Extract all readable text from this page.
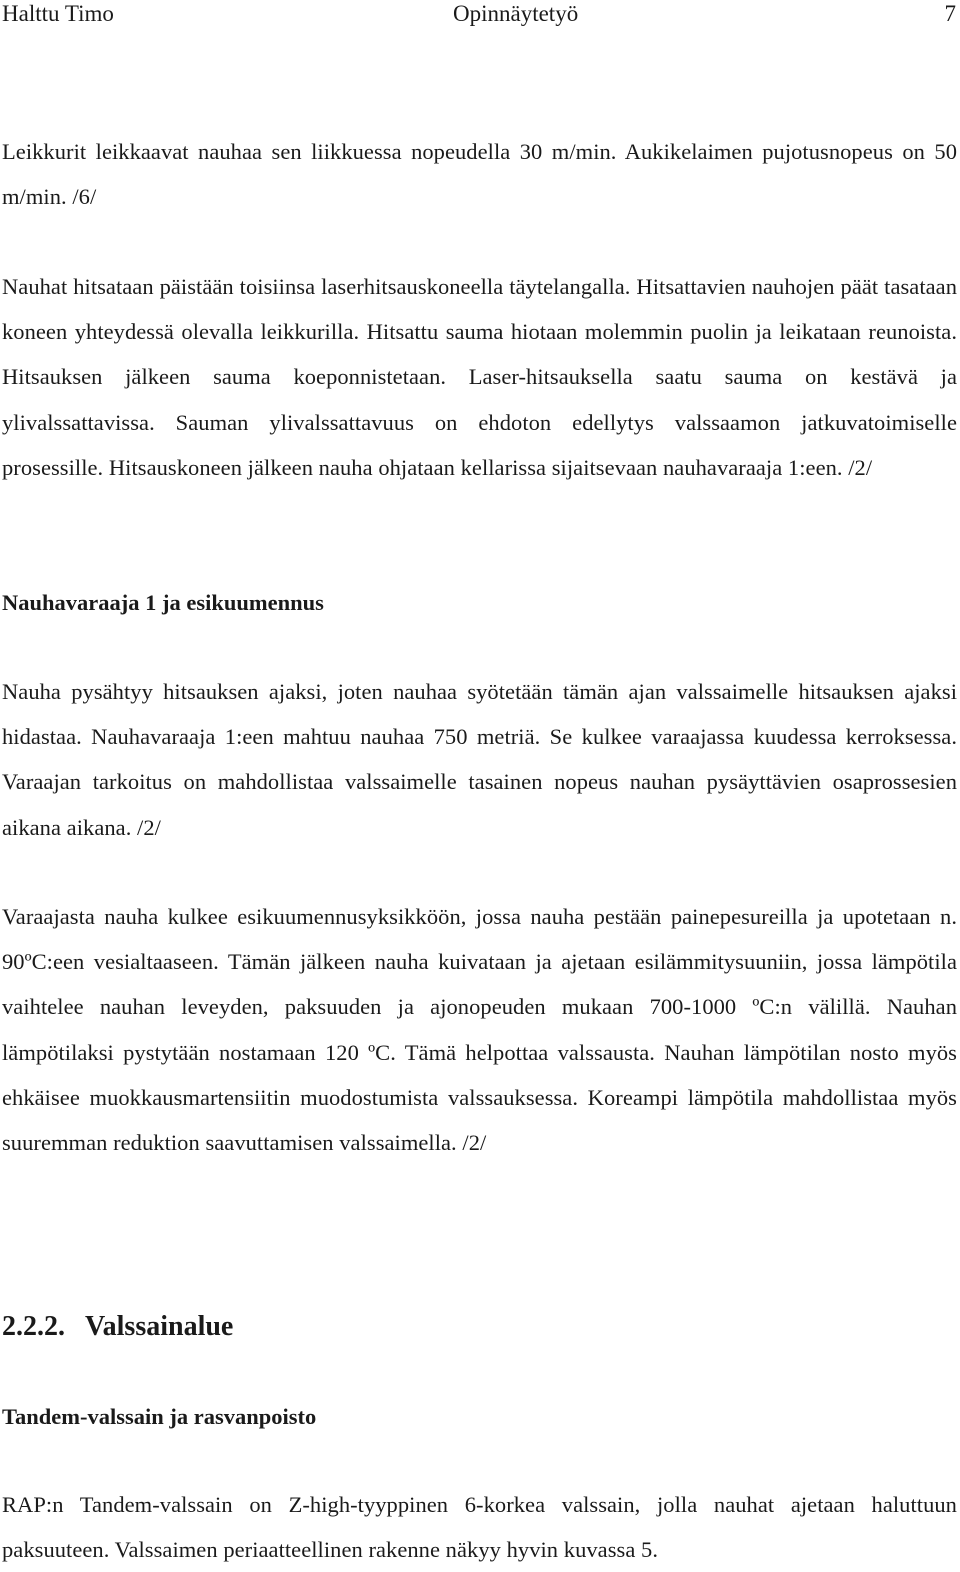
Halttu Timo	Opinnäytetyö	7

Leikkurit leikkaavat nauhaa sen liikkuessa nopeudella 30 m/min. Aukikelaimen pujotusnopeus on 50 m/min. /6/

Nauhat hitsataan päistään toisiinsa laserhitsauskoneella täytelangalla. Hitsattavien nauhojen päät tasataan koneen yhteydessä olevalla leikkurilla. Hitsattu sauma hiotaan molemmin puolin ja leikataan reunoista. Hitsauksen jälkeen sauma koeponnistetaan. Laser-hitsauksella saatu sauma on kestävä ja ylivalssattavissa. Sauman ylivalssattavuus on ehdoton edellytys valssaamon jatkuvatoimiselle prosessille. Hitsauskoneen jälkeen nauha ohjataan kellarissa sijaitsevaan nauhavaraaja 1:een. /2/

Nauhavaraaja 1 ja esikuumennus

Nauha pysähtyy hitsauksen ajaksi, joten nauhaa syötetään tämän ajan valssaimelle hitsauksen ajaksi hidastaa. Nauhavaraaja 1:een mahtuu nauhaa 750 metriä. Se kulkee varaajassa kuudessa kerroksessa. Varaajan tarkoitus on mahdollistaa valssaimelle tasainen nopeus nauhan pysäyttävien osaprossesien aikana aikana. /2/

Varaajasta nauha kulkee esikuumennusyksikköön, jossa nauha pestään painepesureilla ja upotetaan n. 90ºC:een vesialtaaseen. Tämän jälkeen nauha kuivataan ja ajetaan esilämmitysuuniin, jossa lämpötila vaihtelee nauhan leveyden, paksuuden ja ajonopeuden mukaan 700-1000 ºC:n välillä. Nauhan lämpötilaksi pystytään nostamaan 120 ºC. Tämä helpottaa valssausta. Nauhan lämpötilan nosto myös ehkäisee muokkausmartensiitin muodostumista valssauksessa. Koreampi lämpötila mahdollistaa myös suuremman reduktion saavuttamisen valssaimella. /2/

2.2.2. Valssainalue
Tandem-valssain ja rasvanpoisto

RAP:n Tandem-valssain on Z-high-tyyppinen 6-korkea valssain, jolla nauhat ajetaan haluttuun paksuuteen. Valssaimen periaatteellinen rakenne näkyy hyvin kuvassa 5.
